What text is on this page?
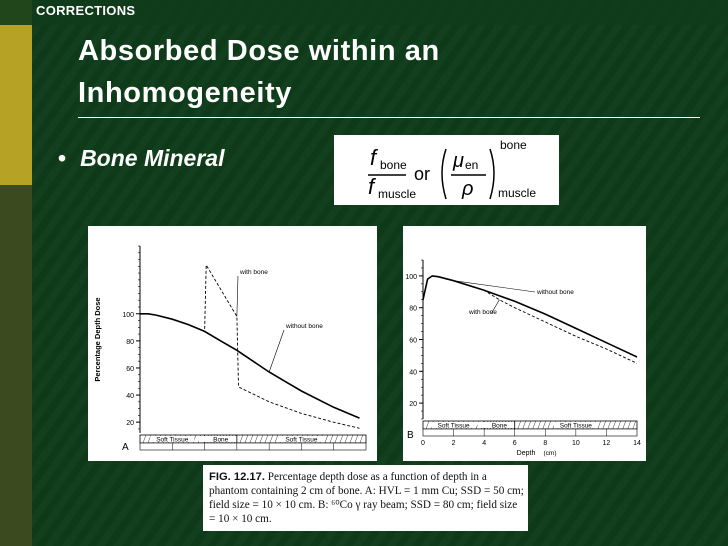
CORRECTIONS
Absorbed Dose within an
Inhomogeneity
• Bone Mineral	f bone
f muscle
or
μ en
ρ
bone
muscle
20
40
60
80
100
Soft Tissue	Bone	Soft Tissue
Percentage Depth Dose
A
with bone
without bone
20
40
60
80
100
Soft Tissue	Bone	Soft Tissue
0	2	4	6	8	10	12	14
Depth (cm)
B
without bone
with bone
FIG. 12.17. Percentage depth dose as a function of depth in a phantom containing 2 cm of bone. A: HVL = 1 mm Cu; SSD = 50 cm; field size = 10 × 10 cm. B: ⁶⁰Co γ ray beam; SSD = 80 cm; field size = 10 × 10 cm.
